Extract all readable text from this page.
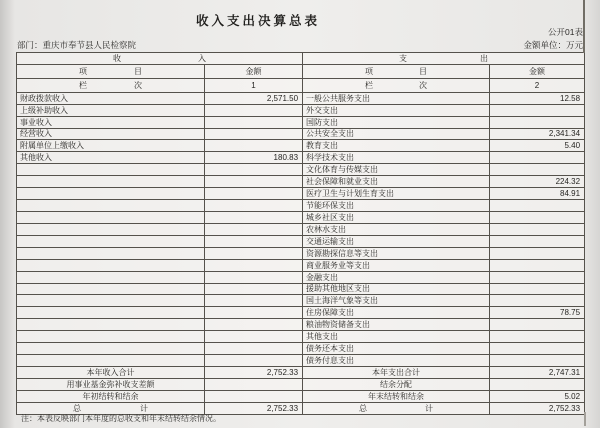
收入支出决算总表
公开01表
部门：重庆市奉节县人民检察院	金额单位：万元
收 入		支 出	
项 目	金额	项 目	金额
栏 次	1	栏 次	2
财政拨款收入	2,571.50	一般公共服务支出	12.58
上级补助收入		外交支出	
事业收入		国防支出	
经营收入		公共安全支出	2,341.34
附属单位上缴收入		教育支出	5.40
其他收入	180.83	科学技术支出	
		文化体育与传媒支出	
		社会保障和就业支出	224.32
		医疗卫生与计划生育支出	84.91
		节能环保支出	
		城乡社区支出	
		农林水支出	
		交通运输支出	
		资源勘探信息等支出	
		商业服务业等支出	
		金融支出	
		援助其他地区支出	
		国土海洋气象等支出	
		住房保障支出	78.75
		粮油物资储备支出	
		其他支出	
		债务还本支出	
		债务付息支出	
本年收入合计	2,752.33	本年支出合计	2,747.31
用事业基金弥补收支差额		结余分配	
年初结转和结余		年末结转和结余	5.02
总 计	2,752.33	总 计	2,752.33
注：本表反映部门本年度的总收支和年末结转结余情况。
